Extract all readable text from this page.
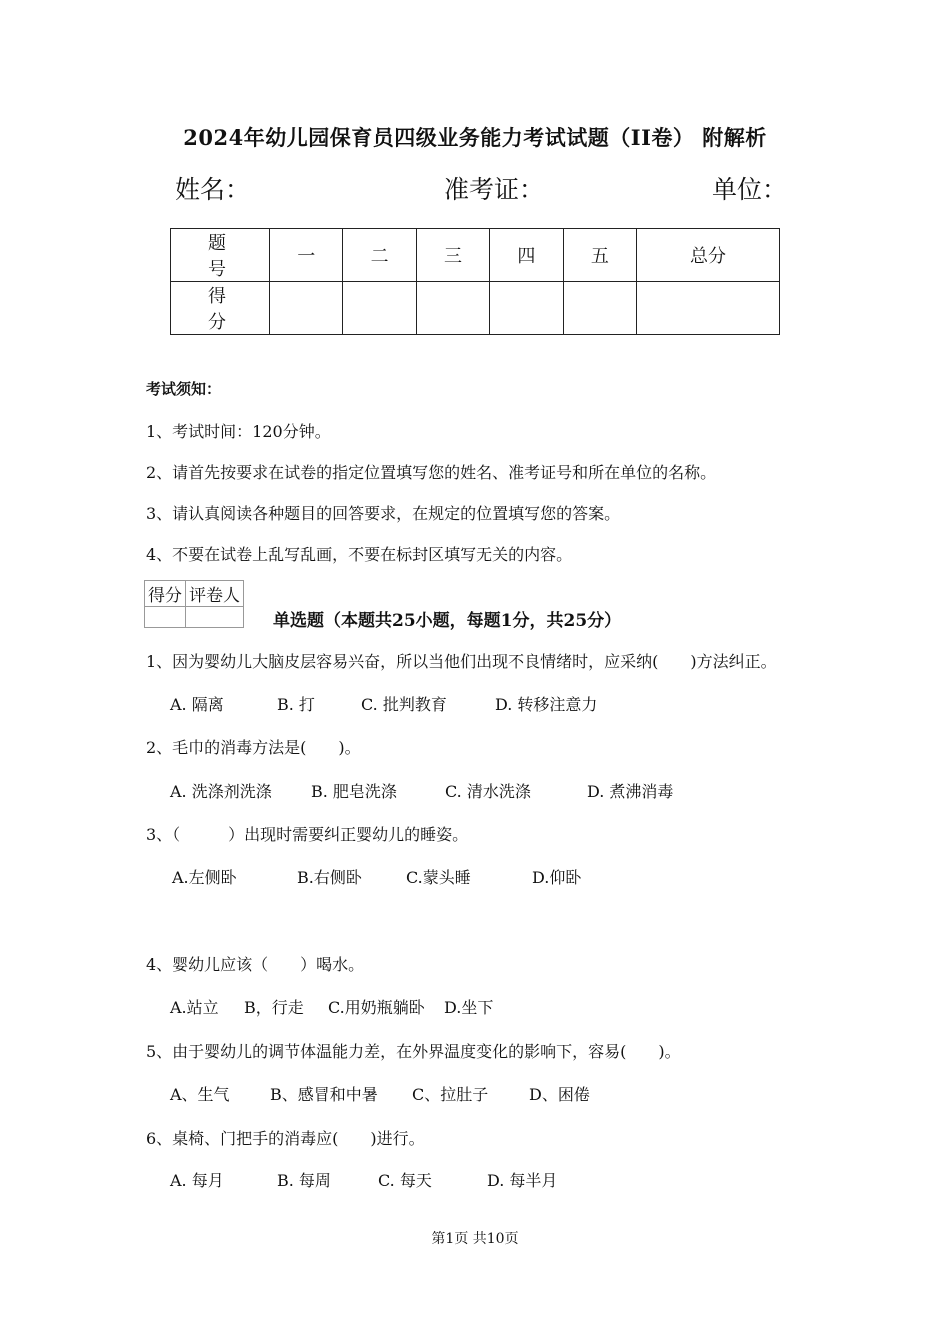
2024年幼儿园保育员四级业务能力考试试题（II卷） 附解析
姓名：	准考证：	单位：
题　号	一	二	三	四	五	总分
得　分						
考试须知：
1、考试时间：120分钟。
2、请首先按要求在试卷的指定位置填写您的姓名、准考证号和所在单位的名称。
3、请认真阅读各种题目的回答要求，在规定的位置填写您的答案。
4、不要在试卷上乱写乱画，不要在标封区填写无关的内容。
得分	评卷人

单选题（本题共25小题，每题1分，共25分）
1、因为婴幼儿大脑皮层容易兴奋，所以当他们出现不良情绪时，应采纳(　　)方法纠正。
A. 隔离	B. 打	C. 批判教育	D. 转移注意力
2、毛巾的消毒方法是(　　)。
A. 洗涤剂洗涤 B. 肥皂洗涤	C. 清水洗涤	D. 煮沸消毒
3、（　　　）出现时需要纠正婴幼儿的睡姿。
A.左侧卧	B.右侧卧	C.蒙头睡	D.仰卧
4、婴幼儿应该（　　）喝水。
A.站立 B，行走 C.用奶瓶躺卧 D.坐下
5、由于婴幼儿的调节体温能力差，在外界温度变化的影响下，容易(　　)。
A、生气	B、感冒和中暑 C、拉肚子	D、困倦
6、桌椅、门把手的消毒应(　　)进行。
A. 每月	B. 每周	C. 每天	D. 每半月
第1页 共10页
